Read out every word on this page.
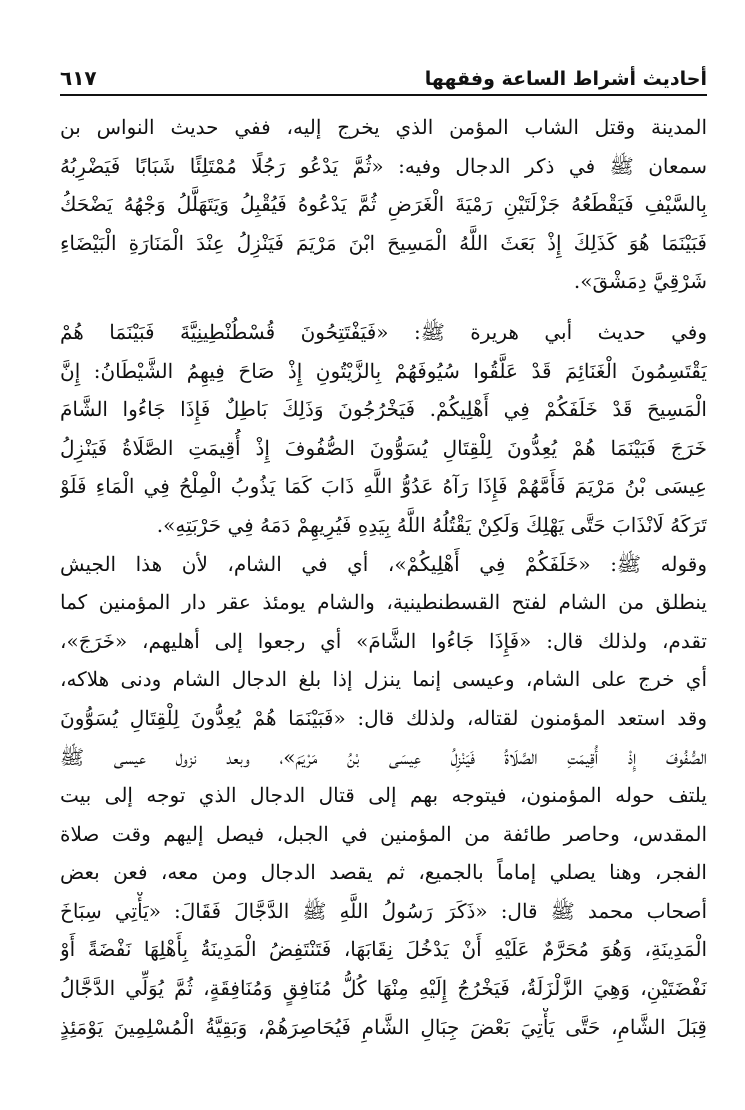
أحاديث أشراط الساعة وفقهها
٦١٧
المدينة وقتل الشاب المؤمن الذي يخرج إليه، ففي حديث النواس بن
سمعان ﷺ في ذكر الدجال وفيه: «ثُمَّ يَدْعُو رَجُلًا مُمْتَلِئًا شَبَابًا فَيَضْرِبُهُ
بِالسَّيْفِ فَيَقْطَعُهُ جَزْلَتَيْنِ رَمْيَةَ الْغَرَضِ ثُمَّ يَدْعُوهُ فَيُقْبِلُ وَيَتَهَلَّلُ وَجْهُهُ يَضْحَكُ
فَبَيْنَمَا هُوَ كَذَلِكَ إِذْ بَعَثَ اللَّهُ الْمَسِيحَ ابْنَ مَرْيَمَ فَيَنْزِلُ عِنْدَ الْمَنَارَةِ الْبَيْضَاءِ
شَرْقِيَّ دِمَشْقَ».
وفي حديث أبي هريرة ﷺ: «فَيَفْتَتِحُونَ قُسْطُنْطِينِيَّةَ فَبَيْنَمَا هُمْ
يَقْتَسِمُونَ الْغَنَائِمَ قَدْ عَلَّقُوا سُيُوفَهُمْ بِالزَّيْتُونِ إِذْ صَاحَ فِيهِمُ الشَّيْطَانُ: إِنَّ
الْمَسِيحَ قَدْ خَلَفَكُمْ فِي أَهْلِيكُمْ. فَيَخْرُجُونَ وَذَلِكَ بَاطِلٌ فَإِذَا جَاءُوا الشَّامَ
خَرَجَ فَبَيْنَمَا هُمْ يُعِدُّونَ لِلْقِتَالِ يُسَوُّونَ الصُّفُوفَ إِذْ أُقِيمَتِ الصَّلَاةُ فَيَنْزِلُ
عِيسَى بْنُ مَرْيَمَ فَأَمَّهُمْ فَإِذَا رَآهُ عَدُوُّ اللَّهِ ذَابَ كَمَا يَذُوبُ الْمِلْحُ فِي الْمَاءِ فَلَوْ
تَرَكَهُ لَانْذَابَ حَتَّى يَهْلِكَ وَلَكِنْ يَقْتُلُهُ اللَّهُ بِيَدِهِ فَيُرِيهِمْ دَمَهُ فِي حَرْبَتِهِ».
وقوله ﷺ: «خَلَفَكُمْ فِي أَهْلِيكُمْ»، أي في الشام، لأن هذا الجيش
ينطلق من الشام لفتح القسطنطينية، والشام يومئذ عقر دار المؤمنين كما
تقدم، ولذلك قال: «فَإِذَا جَاءُوا الشَّامَ» أي رجعوا إلى أهليهم، «خَرَجَ»،
أي خرج على الشام، وعيسى إنما ينزل إذا بلغ الدجال الشام ودنى هلاكه،
وقد استعد المؤمنون لقتاله، ولذلك قال: «فَبَيْنَمَا هُمْ يُعِدُّونَ لِلْقِتَالِ يُسَوُّونَ
الصُّفُوفَ إِذْ أُقِيمَتِ الصَّلَاةُ فَيَنْزِلُ عِيسَى بْنُ مَرْيَمَ»، وبعد نزول عيسى ﷺ
يلتف حوله المؤمنون، فيتوجه بهم إلى قتال الدجال الذي توجه إلى بيت
المقدس، وحاصر طائفة من المؤمنين في الجبل، فيصل إليهم وقت صلاة
الفجر، وهنا يصلي إماماً بالجميع، ثم يقصد الدجال ومن معه، فعن بعض
أصحاب محمد ﷺ قال: «ذَكَرَ رَسُولُ اللَّهِ ﷺ الدَّجَّالَ فَقَالَ: «يَأْتِي سِبَاخَ
الْمَدِينَةِ، وَهُوَ مُحَرَّمٌ عَلَيْهِ أَنْ يَدْخُلَ نِقَابَهَا، فَتَنْتَفِضُ الْمَدِينَةُ بِأَهْلِهَا نَفْضَةً أَوْ
نَفْضَتَيْنِ، وَهِيَ الزَّلْزَلَةُ، فَيَخْرُجُ إِلَيْهِ مِنْهَا كُلُّ مُنَافِقٍ وَمُنَافِقَةٍ، ثُمَّ يُوَلِّي الدَّجَّالُ
قِبَلَ الشَّامِ، حَتَّى يَأْتِيَ بَعْضَ جِبَالِ الشَّامِ فَيُحَاصِرَهُمْ، وَبَقِيَّةُ الْمُسْلِمِينَ يَوْمَئِذٍ
